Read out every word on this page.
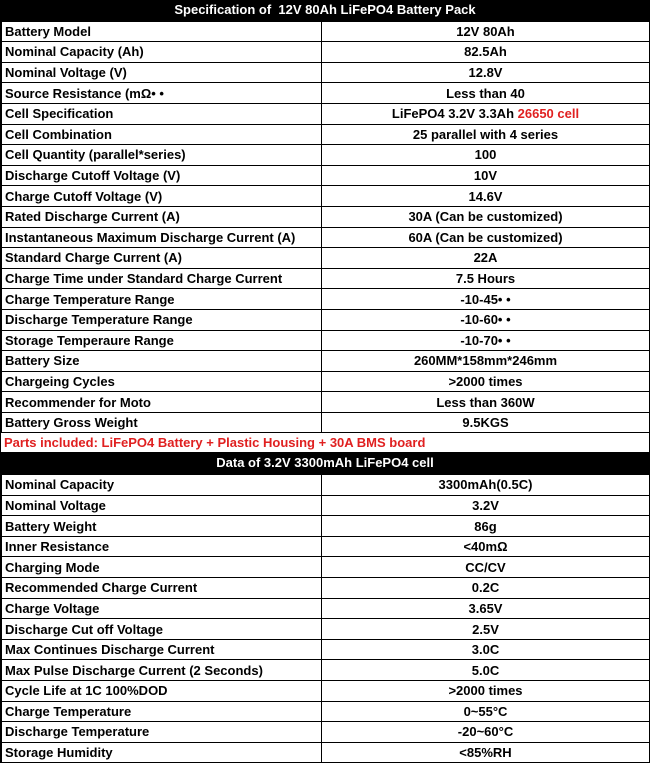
Specification of  12V 80Ah LiFePO4 Battery Pack
Battery Model	12V 80Ah
Nominal Capacity (Ah)	82.5Ah
Nominal Voltage (V)	12.8V
Source Resistance (mΩ• •	Less than 40
Cell Specification	LiFePO4 3.2V 3.3Ah 26650 cell
Cell Combination	25 parallel with 4 series
Cell Quantity (parallel*series)	100
Discharge Cutoff Voltage (V)	10V
Charge Cutoff Voltage (V)	14.6V
Rated Discharge Current (A)	30A (Can be customized)
Instantaneous Maximum Discharge Current (A)	60A (Can be customized)
Standard Charge Current (A)	22A
Charge Time under Standard Charge Current	7.5 Hours
Charge Temperature Range	-10-45• •
Discharge Temperature Range	-10-60• •
Storage Temperaure Range	-10-70• •
Battery Size	260MM*158mm*246mm
Chargeing Cycles	>2000 times
Recommender for Moto	Less than 360W
Battery Gross Weight	9.5KGS
Parts included: LiFePO4 Battery + Plastic Housing + 30A BMS board
Data of 3.2V 3300mAh LiFePO4 cell
Nominal Capacity	3300mAh(0.5C)
Nominal Voltage	3.2V
Battery Weight	86g
Inner Resistance	<40mΩ
Charging Mode	CC/CV
Recommended Charge Current	0.2C
Charge Voltage	3.65V
Discharge Cut off Voltage	2.5V
Max Continues Discharge Current	3.0C
Max Pulse Discharge Current (2 Seconds)	5.0C
Cycle Life at 1C 100%DOD	>2000 times
Charge Temperature	0~55°C
Discharge Temperature	-20~60°C
Storage Humidity	<85%RH
